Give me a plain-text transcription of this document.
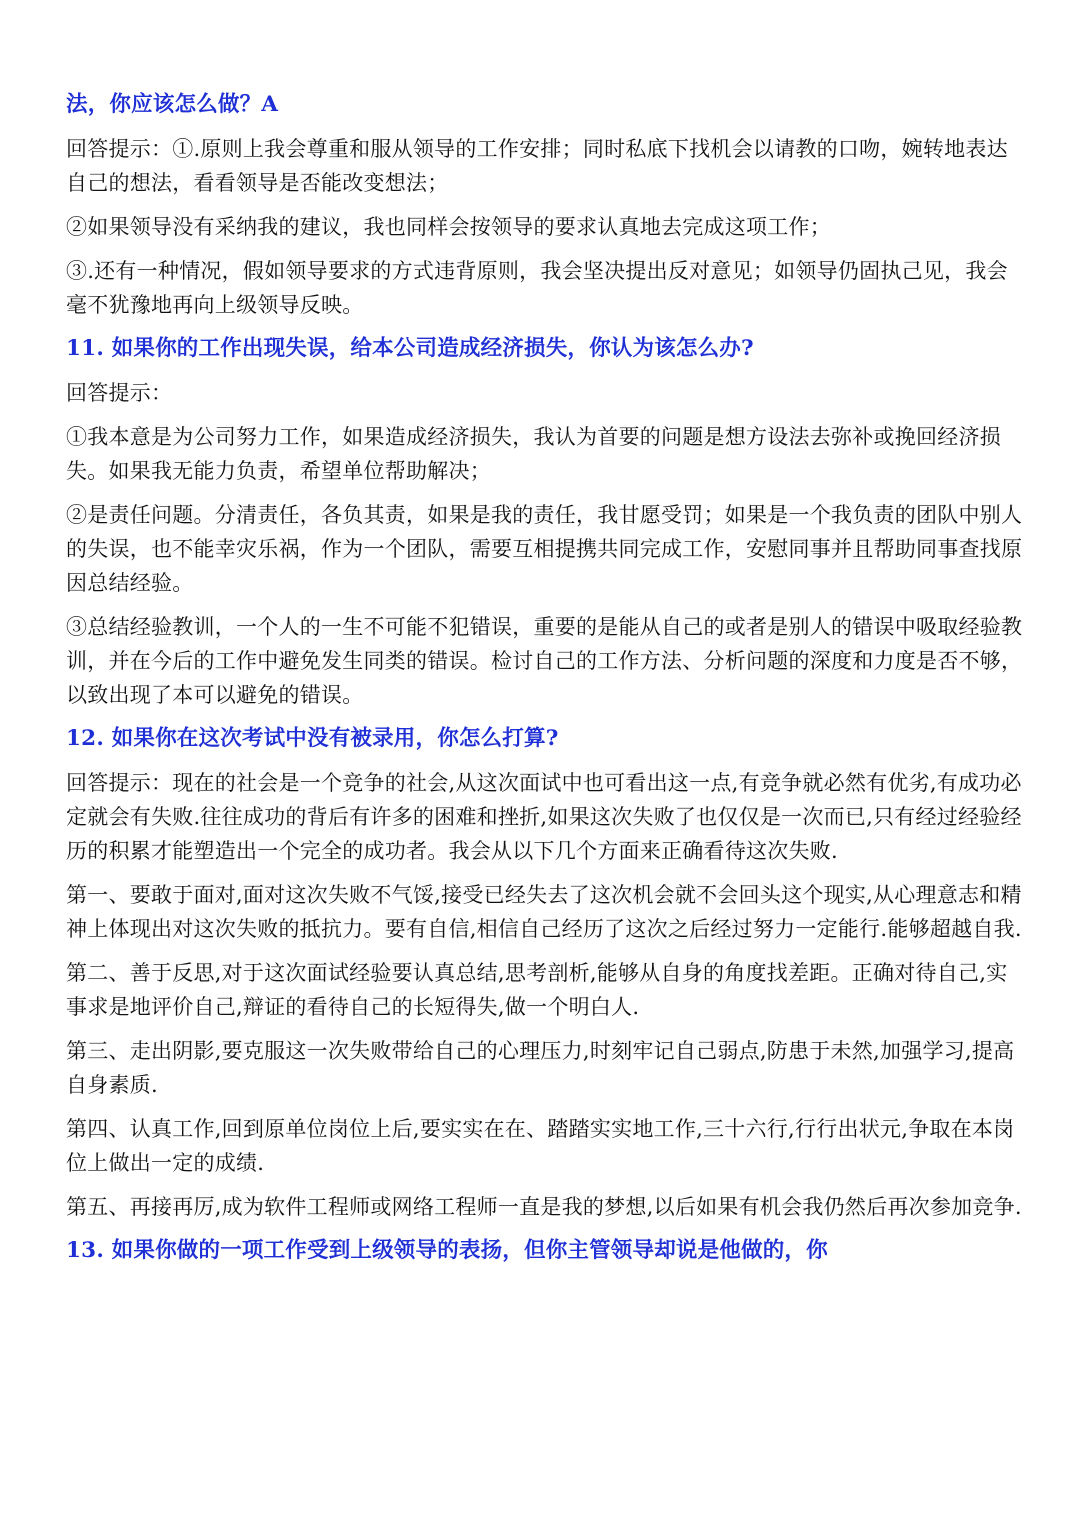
法，你应该怎么做？A

回答提示：①.原则上我会尊重和服从领导的工作安排；同时私底下找机会以请教的口吻，婉转地表达自己的想法，看看领导是否能改变想法；

②如果领导没有采纳我的建议，我也同样会按领导的要求认真地去完成这项工作；

③.还有一种情况，假如领导要求的方式违背原则，我会坚决提出反对意见；如领导仍固执己见，我会毫不犹豫地再向上级领导反映。

11. 如果你的工作出现失误，给本公司造成经济损失，你认为该怎么办?

回答提示：

①我本意是为公司努力工作，如果造成经济损失，我认为首要的问题是想方设法去弥补或挽回经济损失。如果我无能力负责，希望单位帮助解决；

②是责任问题。分清责任，各负其责，如果是我的责任，我甘愿受罚；如果是一个我负责的团队中别人的失误，也不能幸灾乐祸，作为一个团队，需要互相提携共同完成工作，安慰同事并且帮助同事查找原因总结经验。

③总结经验教训，一个人的一生不可能不犯错误，重要的是能从自己的或者是别人的错误中吸取经验教训，并在今后的工作中避免发生同类的错误。检讨自己的工作方法、分析问题的深度和力度是否不够，以致出现了本可以避免的错误。

12. 如果你在这次考试中没有被录用，你怎么打算?

回答提示：现在的社会是一个竞争的社会,从这次面试中也可看出这一点,有竞争就必然有优劣,有成功必定就会有失败.往往成功的背后有许多的困难和挫折,如果这次失败了也仅仅是一次而已,只有经过经验经历的积累才能塑造出一个完全的成功者。我会从以下几个方面来正确看待这次失败.

第一、要敢于面对,面对这次失败不气馁,接受已经失去了这次机会就不会回头这个现实,从心理意志和精神上体现出对这次失败的抵抗力。要有自信,相信自己经历了这次之后经过努力一定能行.能够超越自我.

第二、善于反思,对于这次面试经验要认真总结,思考剖析,能够从自身的角度找差距。正确对待自己,实事求是地评价自己,辩证的看待自己的长短得失,做一个明白人.

第三、走出阴影,要克服这一次失败带给自己的心理压力,时刻牢记自己弱点,防患于未然,加强学习,提高自身素质.

第四、认真工作,回到原单位岗位上后,要实实在在、踏踏实实地工作,三十六行,行行出状元,争取在本岗位上做出一定的成绩.

第五、再接再厉,成为软件工程师或网络工程师一直是我的梦想,以后如果有机会我仍然后再次参加竞争.

13. 如果你做的一项工作受到上级领导的表扬，但你主管领导却说是他做的，你
